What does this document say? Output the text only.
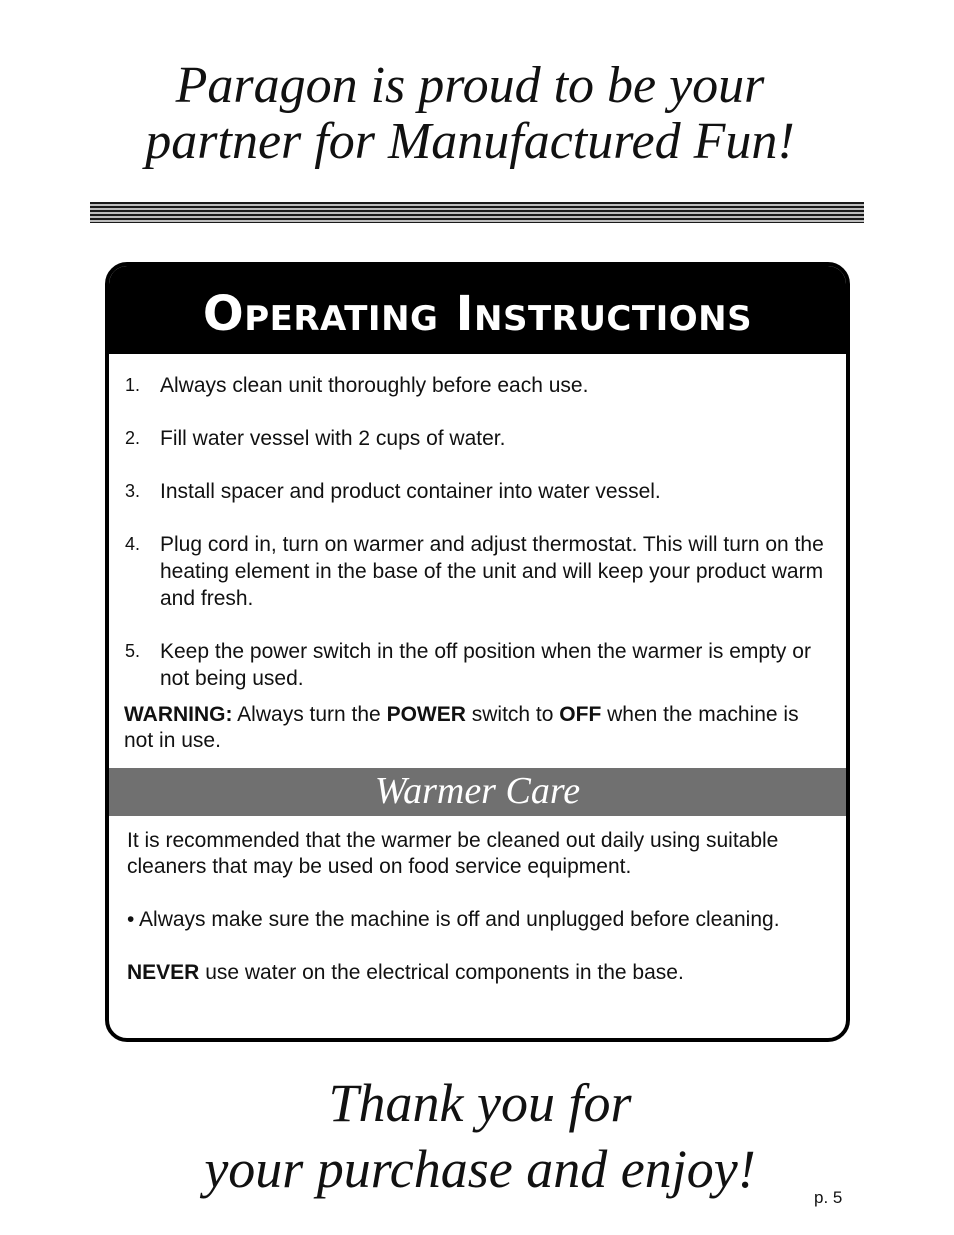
Paragon is proud to be your
partner for Manufactured Fun!
Operating Instructions
1. Always clean unit thoroughly before each use.
2. Fill water vessel with 2 cups of water.
3. Install spacer and product container into water vessel.
4. Plug cord in, turn on warmer and adjust thermostat. This will turn on the heating element in the base of the unit and will keep your product warm and fresh.
5. Keep the power switch in the off position when the warmer is empty or not being used.
WARNING: Always turn the POWER switch to OFF when the machine is not in use.
Warmer Care

It is recommended that the warmer be cleaned out daily using suitable cleaners that may be used on food service equipment.

• Always make sure the machine is off and unplugged before cleaning.

NEVER use water on the electrical components in the base.

Thank you for
your purchase and enjoy!	p. 5
